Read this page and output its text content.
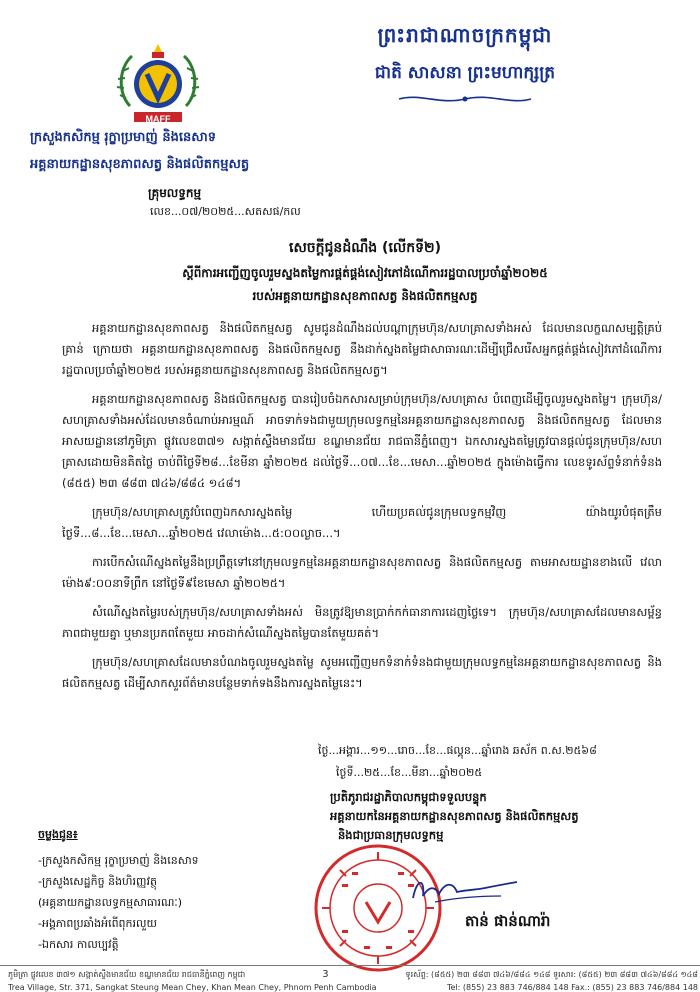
ព្រះរាជាណាចក្រកម្ពុជា
ជាតិ សាសនា ព្រះមហាក្សត្រ
MAFF
ក្រសួងកសិកម្ម រុក្ខាប្រមាញ់ និងនេសាទ
អគ្គនាយកដ្ឋានសុខភាពសត្វ និងផលិតកម្មសត្វ
គ្រុមលទ្ធកម្ម
លេខ...០៧/២០២៥...សតសផ/កល
សេចក្ដីជូនដំណឹង (លើកទី២)
ស្ដីពីការអញ្ជើញចូលរួមស្នងតម្លៃការផ្គត់ផ្គង់សៀវភៅដំណើការរដ្ឋបាលប្រចាំឆ្នាំ២០២៥
របស់អគ្គនាយកដ្ឋានសុខភាពសត្វ និងផលិតកម្មសត្វ

អគ្គនាយកដ្ឋានសុខភាពសត្វ និងផលិតកម្មសត្វ សូមជូនដំណឹងដល់បណ្ដាក្រុមហ៊ុន/សហគ្រាសទាំងអស់ ដែលមានលក្ខណសម្បត្តិគ្រប់គ្រាន់ ក្រោយថា អគ្គនាយកដ្ឋានសុខភាពសត្វ និងផលិតកម្មសត្វ នឹងដាក់ស្នងតម្លៃជាសាធារណៈដើម្បីជ្រើសរើសអ្នកផ្គត់ផ្គង់សៀវភៅដំណើការរដ្ឋបាលប្រចាំឆ្នាំ២០២៥ របស់អគ្គនាយកដ្ឋានសុខភាពសត្វ និងផលិតកម្មសត្វ។

អគ្គនាយកដ្ឋានសុខភាពសត្វ និងផលិតកម្មសត្វ បានរៀបចំឯកសារសម្រាប់ក្រុមហ៊ុន/សហគ្រាស បំពេញដើម្បីចូលរួមស្នងតម្លៃ។ ក្រុមហ៊ុន/សហគ្រាសទាំងអស់ដែលមានចំណាប់អារម្មណ៍ អាចទាក់ទងជាមួយក្រុមលទ្ធកម្មនៃអគ្គនាយកដ្ឋានសុខភាពសត្វ និងផលិតកម្មសត្វ ដែលមានអាសយដ្ឋាននៅភូមិត្រា ផ្លូវលេខ៣៧១ សង្កាត់ស្ទឹងមានជ័យ ខណ្ឌមានជ័យ រាជធានីភ្នំពេញ។ ឯកសារស្នងតម្លៃត្រូវបានផ្ដល់ជូនក្រុមហ៊ុន/សហគ្រាសដោយមិនគិតថ្លៃ ចាប់ពីថ្ងៃទី២៨...ខែមីនា ឆ្នាំ២០២៥ ដល់ថ្ងៃទី...០៧...ខែ...មេសា...ឆ្នាំ២០២៥ ក្នុងម៉ោងធ្វើការ លេខទូរស័ព្ទទំនាក់ទំនង (៨៥៥) ២៣ ៨៨៣ ៧៤៦/៨៨៤ ១៤៨។

ក្រុមហ៊ុន/សហគ្រាសត្រូវបំពេញឯកសារស្នងតម្លៃ ហើយប្រគល់ជូនក្រុមលទ្ធកម្មវិញ យ៉ាងយូរបំផុតត្រឹមថ្ងៃទី...៨...ខែ...មេសា...ឆ្នាំ២០២៥ វេលាម៉ោង...៥:០០ល្ងាច...។

ការបើកសំណើស្នងតម្លៃនឹងប្រព្រឹត្តទៅនៅក្រុមលទ្ធកម្មនៃអគ្គនាយកដ្ឋានសុខភាពសត្វ និងផលិតកម្មសត្វ តាមអាសយដ្ឋានខាងលើ វេលាម៉ោង៩:០០នាទីព្រឹក នៅថ្ងៃទី៩ខែមេសា ឆ្នាំ២០២៥។

សំណើស្នងតម្លៃរបស់ក្រុមហ៊ុន/សហគ្រាសទាំងអស់ មិនត្រូវឱ្យមានប្រាក់កក់ធានាការដេញថ្លៃទេ។ ក្រុមហ៊ុន/សហគ្រាសដែលមានសម្ព័ន្ធភាពជាមួយគ្នា ឬមានប្រភពតែមួយ អាចដាក់សំណើស្នងតម្លៃបានតែមួយគត់។

ក្រុមហ៊ុន/សហគ្រាសដែលមានបំណងចូលរួមស្នងតម្លៃ សូមអញ្ជើញមកទំនាក់ទំនងជាមួយក្រុមលទ្ធកម្មនៃអគ្គនាយកដ្ឋានសុខភាពសត្វ និងផលិតកម្មសត្វ ដើម្បីសាកសួរព័ត៌មានបន្ថែមទាក់ទងនឹងការស្នងតម្លៃនេះ។

ថ្ងៃ...អង្គារ...១១...រោច...ខែ...ផល្គុន...ឆ្នាំរោង ឆស័ក ព.ស.២៥៦៨
ថ្ងៃទី...២៥...ខែ...មីនា...ឆ្នាំ២០២៥
ប្រតិភូរាជរដ្ឋាភិបាលកម្ពុជាទទួលបន្ទុក
អគ្គនាយកនៃអគ្គនាយកដ្ឋានសុខភាពសត្វ និងផលិតកម្មសត្វ
និងជាប្រធានក្រុមលទ្ធកម្ម
តាន់ ផាន់ណារ៉ា
ចម្លងជូន៖
-ក្រសួងកសិកម្ម រុក្ខាប្រមាញ់ និងនេសាទ
-ក្រសួងសេដ្ឋកិច្ច និងហិរញ្ញវត្ថុ
(អគ្គនាយកដ្ឋានលទ្ធកម្មសាធារណៈ)
-អង្គភាពប្រឆាំងអំពើពុករលួយ
-ឯកសារ កាលប្បវត្តិ
ភូមិត្រា ផ្លូវលេខ ៣៧១ សង្កាត់ស្ទឹងមានជ័យ ខណ្ឌមានជ័យ រាជធានីភ្នំពេញ កម្ពុជា	3	ទូរស័ព្ទ: (៨៥៥) ២៣ ៨៨៣ ៧៤៦/៨៨៤ ១៤៨ ទូរសារ: (៨៥៥) ២៣ ៨៨៣ ៧៤៦/៨៨៤ ១៤៨
Trea Village, Str. 371, Sangkat Steung Mean Chey, Khan Mean Chey, Phnom Penh Cambodia	Tel: (855) 23 883 746/884 148 Fax.: (855) 23 883 746/884 148
